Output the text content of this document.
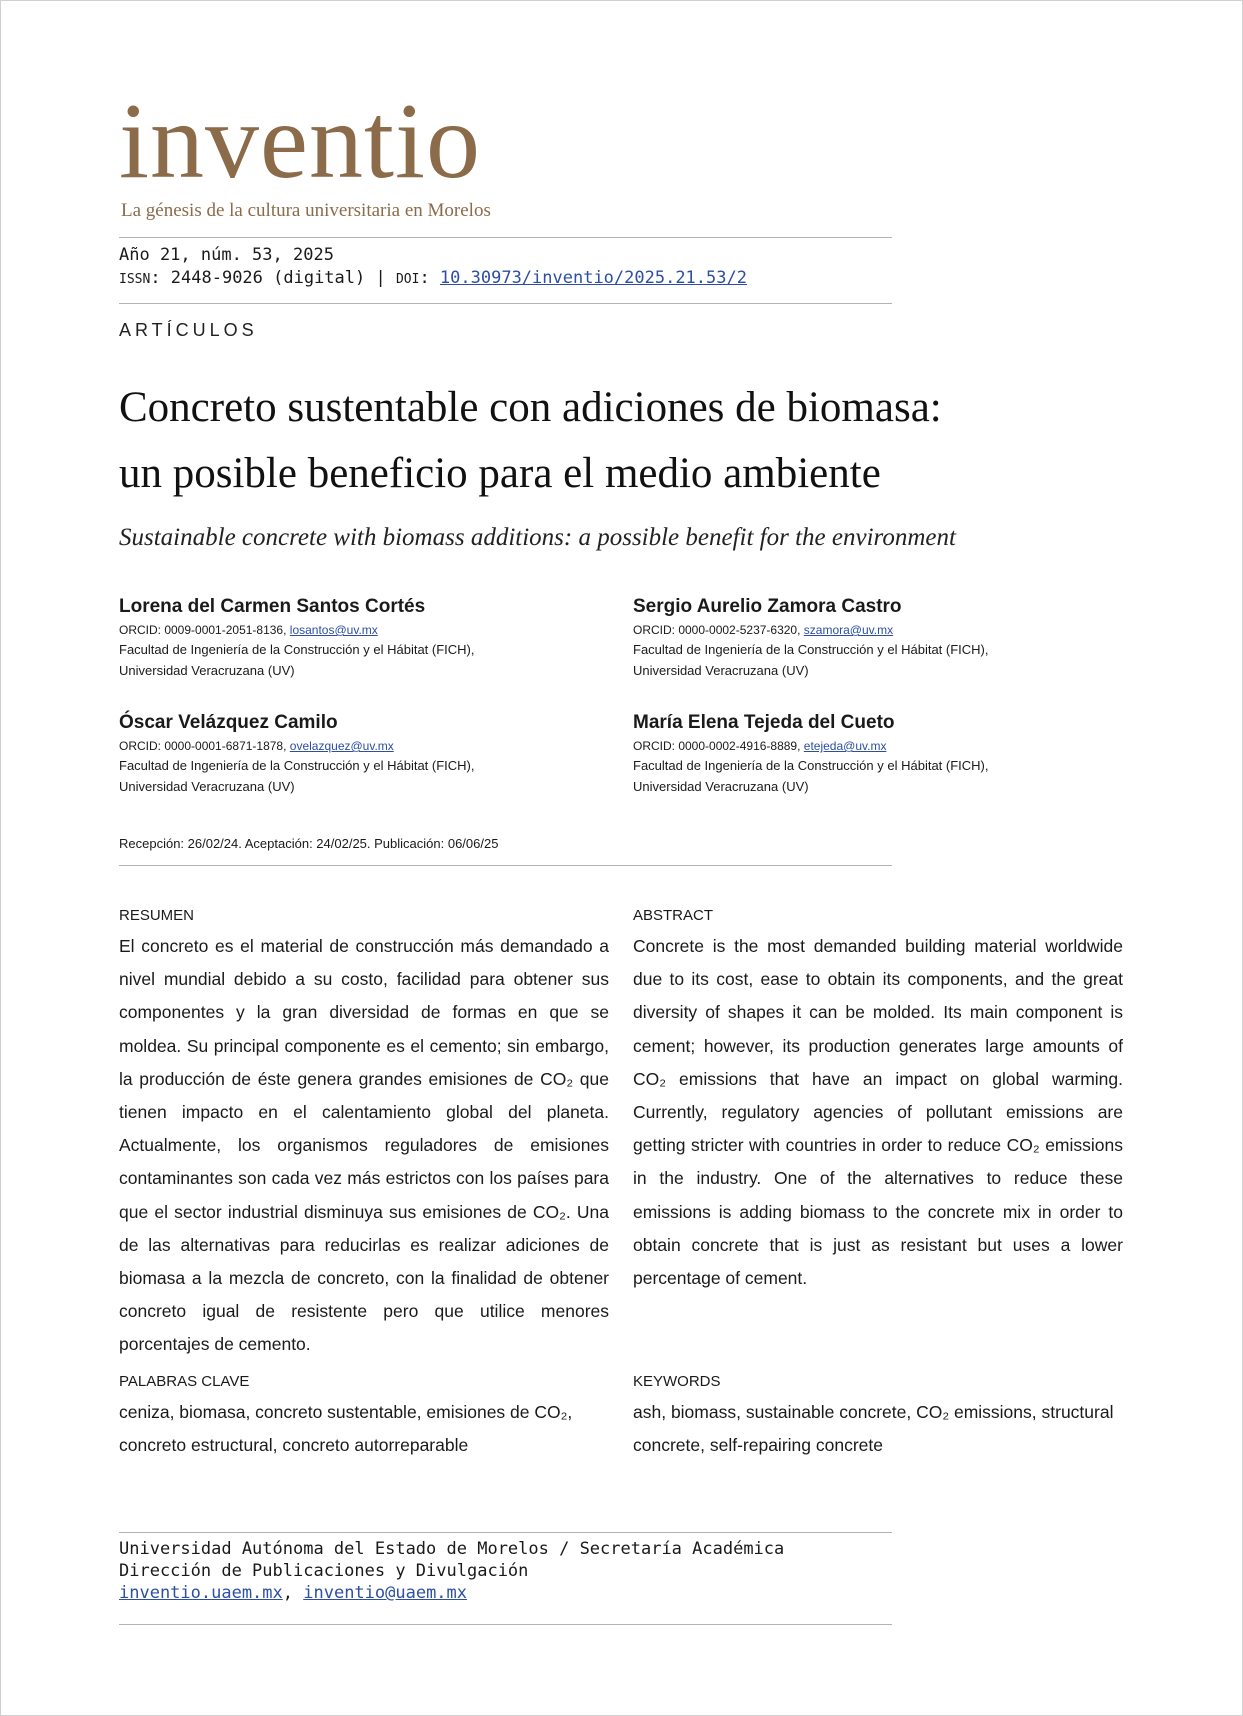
inventio
La génesis de la cultura universitaria en Morelos
Año 21, núm. 53, 2025
ISSN: 2448-9026 (digital) | DOI: 10.30973/inventio/2025.21.53/2
ARTÍCULOS
Concreto sustentable con adiciones de biomasa:
un posible beneficio para el medio ambiente
Sustainable concrete with biomass additions: a possible benefit for the environment
Lorena del Carmen Santos Cortés
ORCID: 0009-0001-2051-8136, losantos@uv.mx
Facultad de Ingeniería de la Construcción y el Hábitat (FICH),
Universidad Veracruzana (UV)
Sergio Aurelio Zamora Castro
ORCID: 0000-0002-5237-6320, szamora@uv.mx
Facultad de Ingeniería de la Construcción y el Hábitat (FICH),
Universidad Veracruzana (UV)
Óscar Velázquez Camilo
ORCID: 0000-0001-6871-1878, ovelazquez@uv.mx
Facultad de Ingeniería de la Construcción y el Hábitat (FICH),
Universidad Veracruzana (UV)
María Elena Tejeda del Cueto
ORCID: 0000-0002-4916-8889, etejeda@uv.mx
Facultad de Ingeniería de la Construcción y el Hábitat (FICH),
Universidad Veracruzana (UV)
Recepción: 26/02/24. Aceptación: 24/02/25. Publicación: 06/06/25
RESUMEN
El concreto es el material de construcción más demandado a nivel mundial debido a su costo, facilidad para obtener sus componentes y la gran diversidad de formas en que se moldea. Su principal componente es el cemento; sin embargo, la producción de éste genera grandes emisiones de CO₂ que tienen impacto en el calentamiento global del planeta. Actualmente, los organismos reguladores de emisiones contaminantes son cada vez más estrictos con los países para que el sector industrial disminuya sus emisiones de CO₂. Una de las alternativas para reducirlas es realizar adiciones de biomasa a la mezcla de concreto, con la finalidad de obtener concreto igual de resistente pero que utilice menores porcentajes de cemento.
ABSTRACT
Concrete is the most demanded building material worldwide due to its cost, ease to obtain its components, and the great diversity of shapes it can be molded. Its main component is cement; however, its production generates large amounts of CO₂ emissions that have an impact on global warming. Currently, regulatory agencies of pollutant emissions are getting stricter with countries in order to reduce CO₂ emissions in the industry. One of the alternatives to reduce these emissions is adding biomass to the concrete mix in order to obtain concrete that is just as resistant but uses a lower percentage of cement.
PALABRAS CLAVE
ceniza, biomasa, concreto sustentable, emisiones de CO₂, concreto estructural, concreto autorreparable
KEYWORDS
ash, biomass, sustainable concrete, CO₂ emissions, structural concrete, self-repairing concrete
Universidad Autónoma del Estado de Morelos / Secretaría Académica
Dirección de Publicaciones y Divulgación
inventio.uaem.mx, inventio@uaem.mx
